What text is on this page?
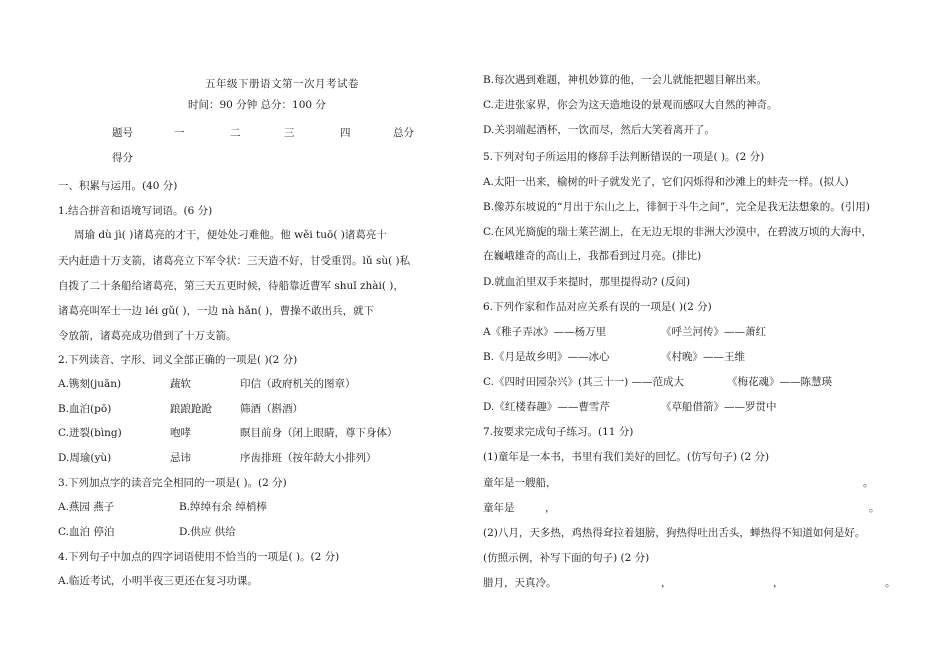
五年级下册语文第一次月考试卷
时间：90 分钟 总分：100 分
题号	一	二	三	四	总分
得分
一、积累与运用。(40 分)
1.结合拼音和语境写词语。(6 分)
周瑜 dù jì( )诸葛亮的才干，便处处刁难他。他 wěi tuō( )诸葛亮十
天内赶造十万支箭，诸葛亮立下军令状：三天造不好，甘受重罚。lǔ sù( )私
自拨了二十条船给诸葛亮，第三天五更时候，待船靠近曹军 shuǐ zhài( )，
诸葛亮叫军士一边 léi gǔ( )，一边 nà hǎn( )，曹操不敢出兵，就下
令放箭，诸葛亮成功借到了十万支箭。
2.下列读音、字形、词义全部正确的一项是( )(2 分)
A.镌刻(juān)	蔬软	印信（政府机关的图章）
B.血泊(pō)	踉踉跄跄	筛酒（斟酒）
C.迸裂(bìng)	咆哮	瞑目前身（闭上眼睛，尊下身体）
D.周瑜(yù)	忌讳	序齿排班（按年龄大小排列）
3.下列加点字的读音完全相同的一项是( )。(2 分)
A.燕园 燕子	B.绰绰有余 绰梢棒
C.血泊 停泊	D.供应 供给
4.下列句子中加点的四字词语使用不恰当的一项是( )。(2 分)
A.临近考试，小明半夜三更还在复习功课。
B.每次遇到难题，神机妙算的他，一会儿就能把题目解出来。
C.走进张家界，你会为这天造地设的景观而感叹大自然的神奇。
D.关羽端起酒杯，一饮而尽，然后大笑着离开了。
5.下列对句子所运用的修辞手法判断错误的一项是( )。(2 分)
A.太阳一出来，榆树的叶子就发光了，它们闪烁得和沙滩上的蚌壳一样。(拟人)
B.像苏东坡说的“月出于东山之上，徘徊于斗牛之间”，完全是我无法想象的。(引用)
C.在风光旖旎的瑞士莱芒湖上，在无边无垠的非洲大沙漠中，在碧波万顷的大海中，
在巍峨雄奇的高山上，我都看到过月亮。(排比)
D.就血泊里双手来提时，那里提得动? (反问)
6.下列作家和作品对应关系有误的一项是( )(2 分)
A《稚子弄冰》——杨万里	《呼兰河传》——萧红
B.《月是故乡明》——冰心	《村晚》——王维
C.《四时田园杂兴》(其三十一) ——范成大	《梅花魂》——陈慧瑛
D.《红楼春趣》——曹雪芹	《草船借箭》——罗贯中
7.按要求完成句子练习。(11 分)
(1)童年是一本书，书里有我们美好的回忆。(仿写句子) (2 分)
童年是一艘船，	。
童年是	，	。
(2)八月，天多热，鸡热得耷拉着翅膀，狗热得吐出舌头，蝉热得不知道如何是好。
(仿照示例，补写下面的句子) (2 分)
腊月，天真冷。	，	，	。
